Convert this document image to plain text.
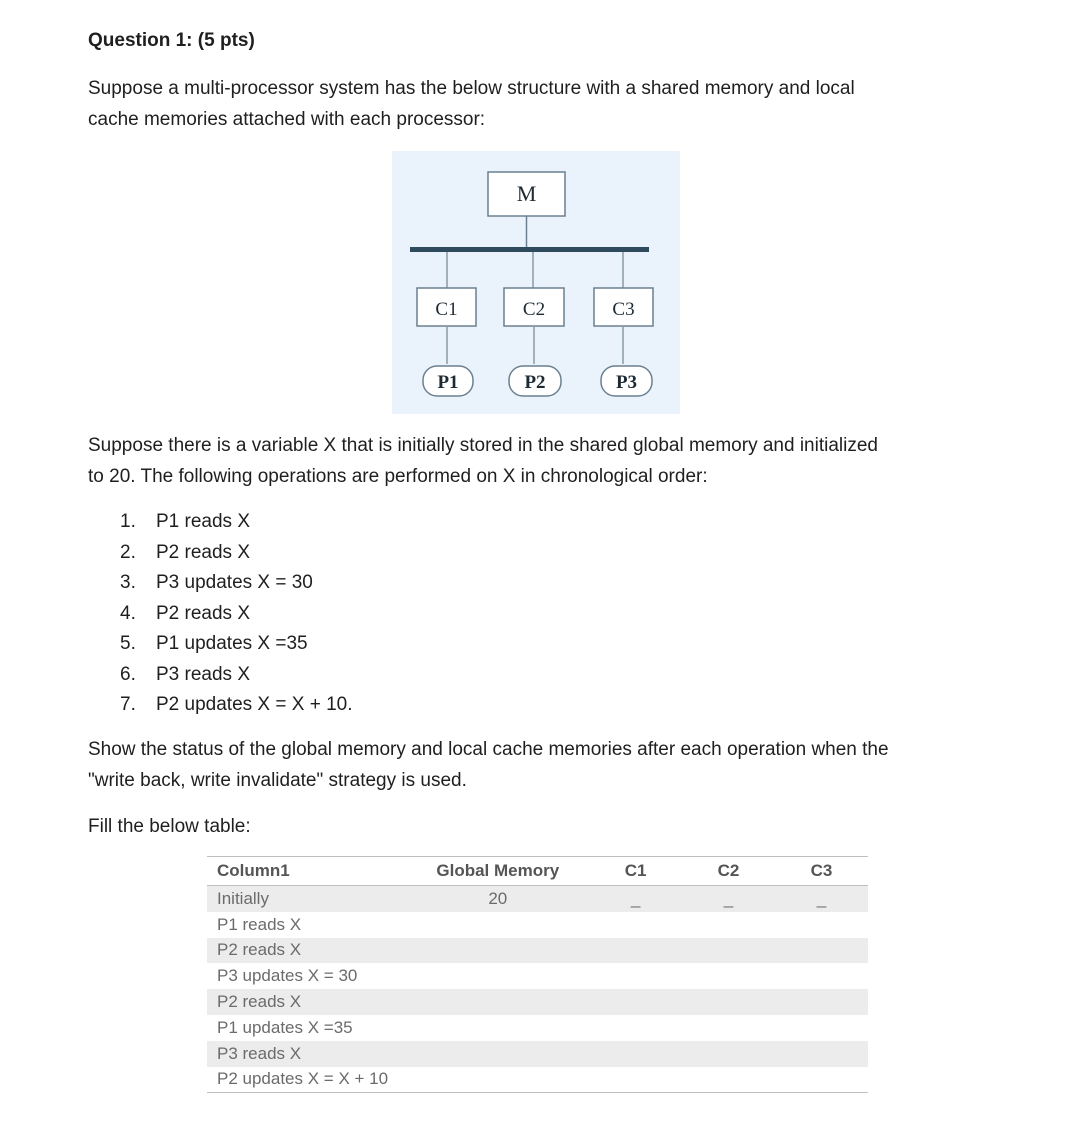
Question 1: (5 pts)
Suppose a multi-processor system has the below structure with a shared memory and local
cache memories attached with each processor:
M
C1	C2	C3
P1	P2	P3
Suppose there is a variable X that is initially stored in the shared global memory and initialized
to 20. The following operations are performed on X in chronological order:
1. P1 reads X
2. P2 reads X
3. P3 updates X = 30
4. P2 reads X
5. P1 updates X =35
6. P3 reads X
7. P2 updates X = X + 10.
Show the status of the global memory and local cache memories after each operation when the
"write back, write invalidate" strategy is used.
Fill the below table:
Column1	Global Memory	C1	C2	C3
Initially	20	_	_	_
P1 reads X				
P2 reads X				
P3 updates X = 30				
P2 reads X				
P1 updates X =35				
P3 reads X				
P2 updates X = X + 10				
